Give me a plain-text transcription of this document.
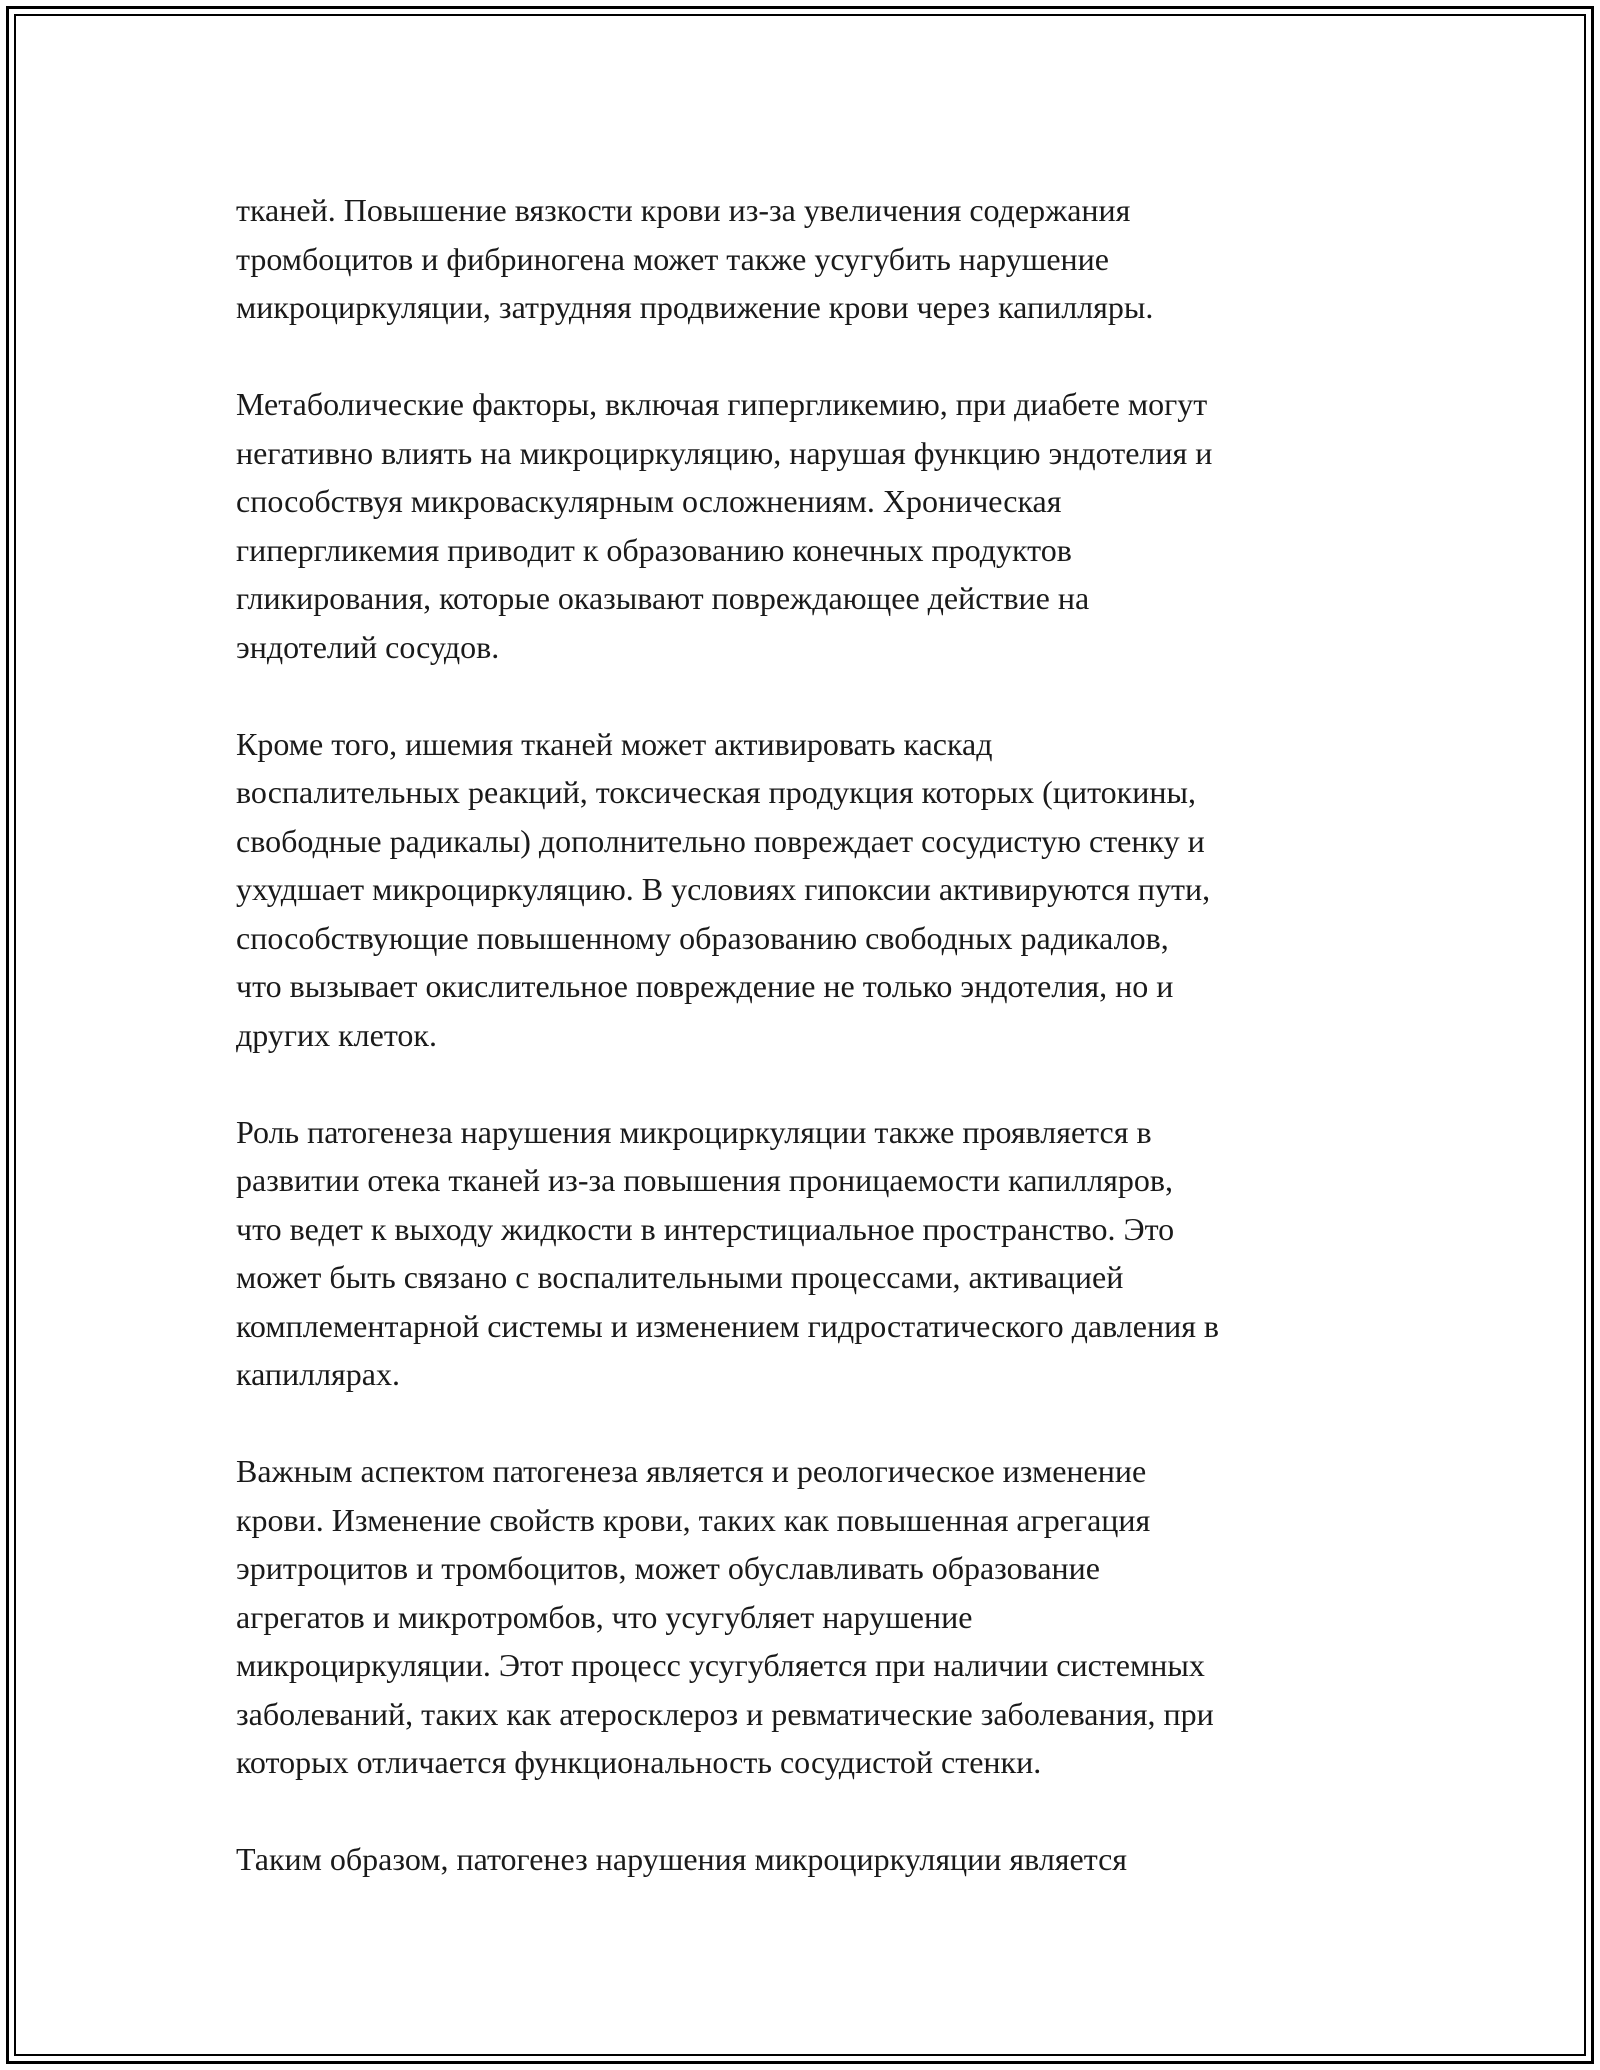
тканей. Повышение вязкости крови из-за увеличения содержания
тромбоцитов и фибриногена может также усугубить нарушение
микроциркуляции, затрудняя продвижение крови через капилляры.

Метаболические факторы, включая гипергликемию, при диабете могут
негативно влиять на микроциркуляцию, нарушая функцию эндотелия и
способствуя микроваскулярным осложнениям. Хроническая
гипергликемия приводит к образованию конечных продуктов
гликирования, которые оказывают повреждающее действие на
эндотелий сосудов.

Кроме того, ишемия тканей может активировать каскад
воспалительных реакций, токсическая продукция которых (цитокины,
свободные радикалы) дополнительно повреждает сосудистую стенку и
ухудшает микроциркуляцию. В условиях гипоксии активируются пути,
способствующие повышенному образованию свободных радикалов,
что вызывает окислительное повреждение не только эндотелия, но и
других клеток.

Роль патогенеза нарушения микроциркуляции также проявляется в
развитии отека тканей из-за повышения проницаемости капилляров,
что ведет к выходу жидкости в интерстициальное пространство. Это
может быть связано с воспалительными процессами, активацией
комплементарной системы и изменением гидростатического давления в
капиллярах.

Важным аспектом патогенеза является и реологическое изменение
крови. Изменение свойств крови, таких как повышенная агрегация
эритроцитов и тромбоцитов, может обуславливать образование
агрегатов и микротромбов, что усугубляет нарушение
микроциркуляции. Этот процесс усугубляется при наличии системных
заболеваний, таких как атеросклероз и ревматические заболевания, при
которых отличается функциональность сосудистой стенки.

Таким образом, патогенез нарушения микроциркуляции является
